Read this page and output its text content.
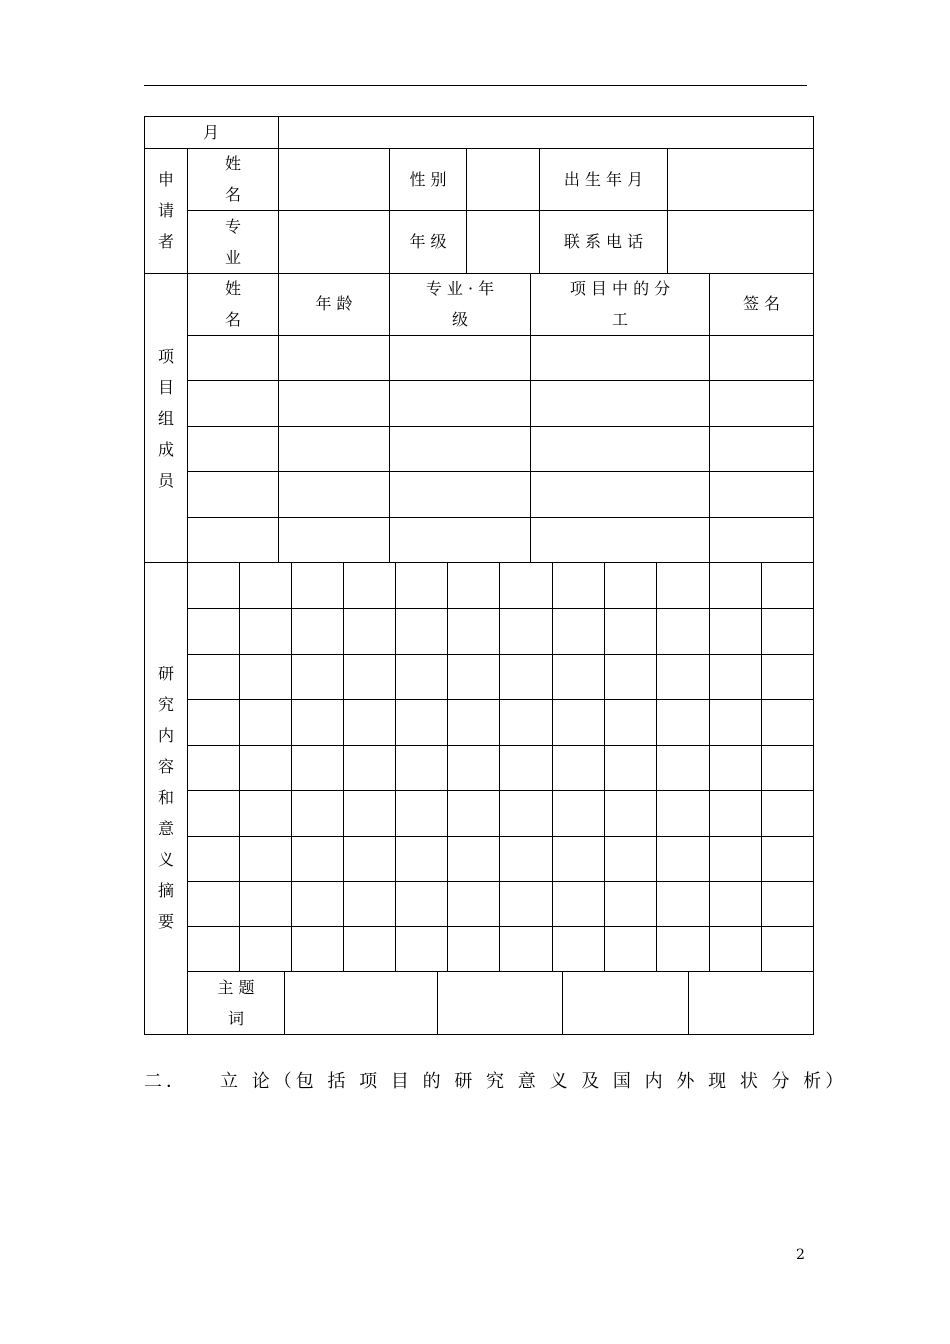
月
申
请
者
姓
名
性 别	出 生 年 月
专
业
年 级	联 系 电 话
项
目
组
成
员
姓
名
年 龄
专 业 · 年
级
项 目 中 的 分
工
签 名
研
究
内
容
和
意
义
摘
要
主 题
词
二． 立 论（包 括 项 目 的 研 究 意 义 及 国 内 外 现 状 分 析）
2
